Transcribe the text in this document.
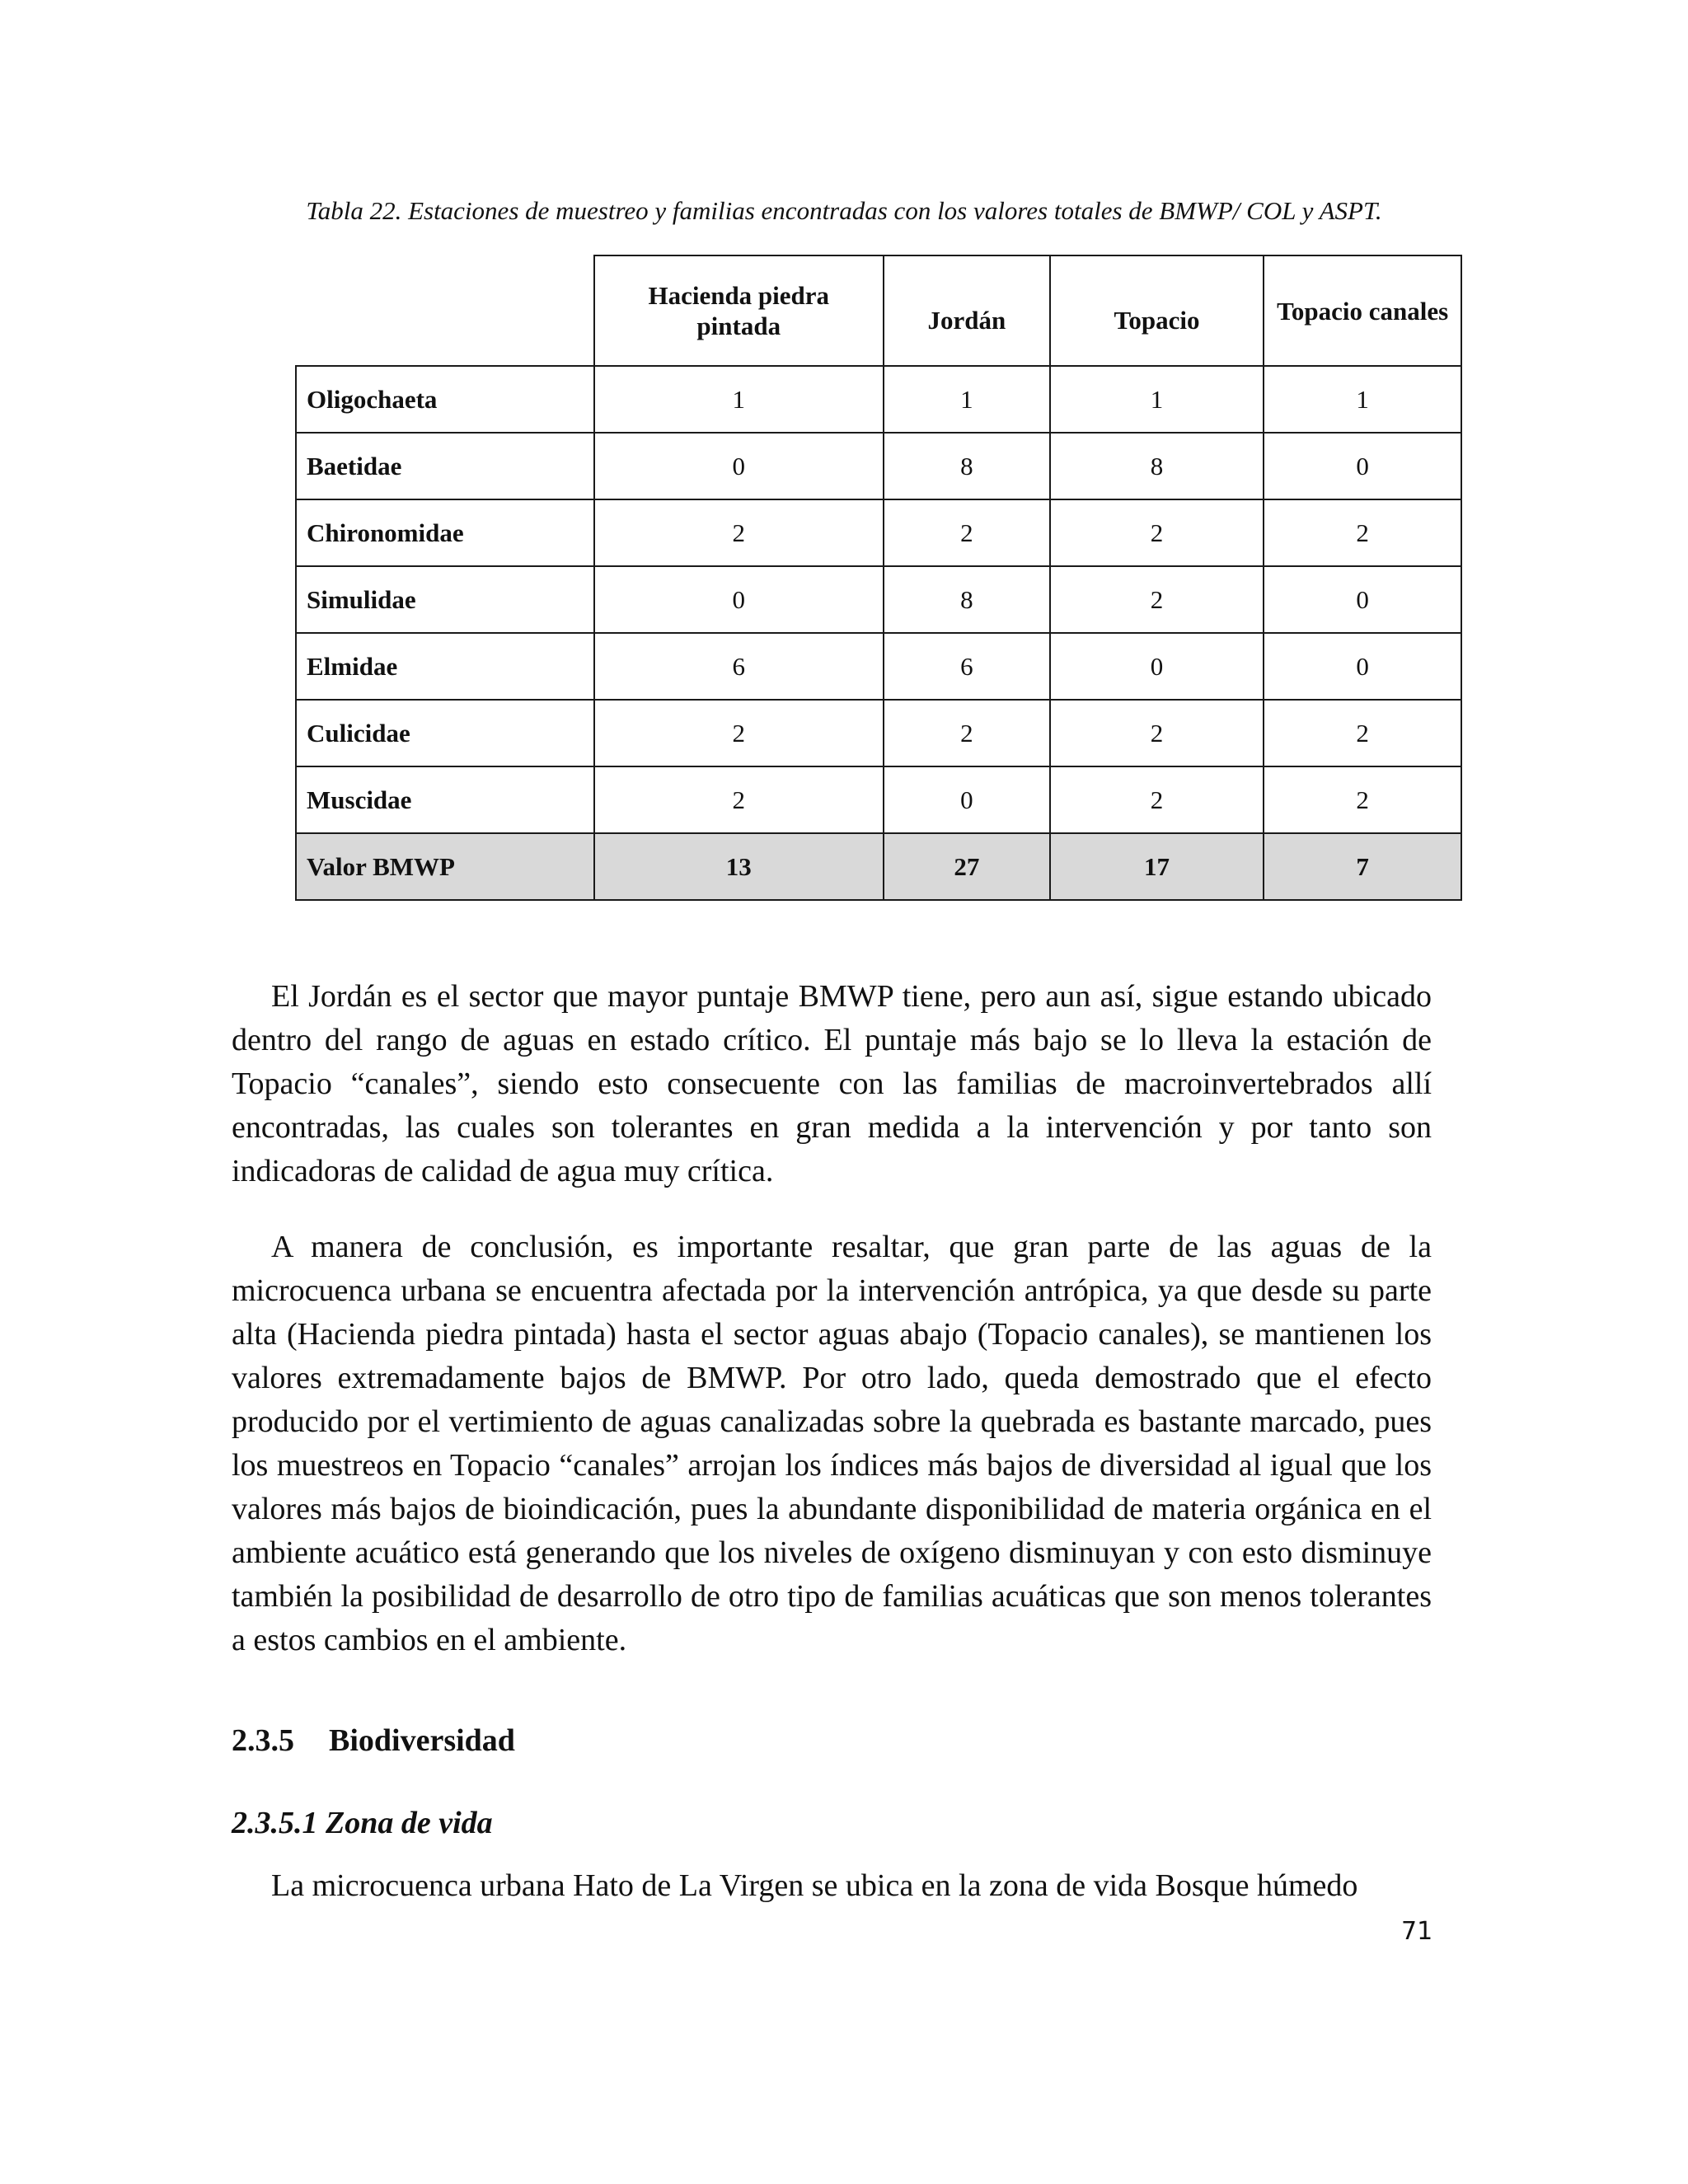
Tabla 22. Estaciones de muestreo y familias encontradas con los valores totales de BMWP/ COL y ASPT.
	Hacienda piedra pintada	Jordán	Topacio	Topacio canales
Oligochaeta	1	1	1	1
Baetidae	0	8	8	0
Chironomidae	2	2	2	2
Simulidae	0	8	2	0
Elmidae	6	6	0	0
Culicidae	2	2	2	2
Muscidae	2	0	2	2
Valor BMWP	13	27	17	7

El Jordán es el sector que mayor puntaje BMWP tiene, pero aun así, sigue estando ubicado dentro del rango de aguas en estado crítico. El puntaje más bajo se lo lleva la estación de Topacio “canales”, siendo esto consecuente con las familias de macroinvertebrados allí encontradas, las cuales son tolerantes en gran medida a la intervención y por tanto son indicadoras de calidad de agua muy crítica.

A manera de conclusión, es importante resaltar, que gran parte de las aguas de la microcuenca urbana se encuentra afectada por la intervención antrópica, ya que desde su parte alta (Hacienda piedra pintada) hasta el sector aguas abajo (Topacio canales), se mantienen los valores extremadamente bajos de BMWP. Por otro lado, queda demostrado que el efecto producido por el vertimiento de aguas canalizadas sobre la quebrada es bastante marcado, pues los muestreos en Topacio “canales” arrojan los índices más bajos de diversidad al igual que los valores más bajos de bioindicación, pues la abundante disponibilidad de materia orgánica en el ambiente acuático está generando que los niveles de oxígeno disminuyan y con esto disminuye también la posibilidad de desarrollo de otro tipo de familias acuáticas que son menos tolerantes a estos cambios en el ambiente.

2.3.5 Biodiversidad
2.3.5.1 Zona de vida

La microcuenca urbana Hato de La Virgen se ubica en la zona de vida Bosque húmedo

71
